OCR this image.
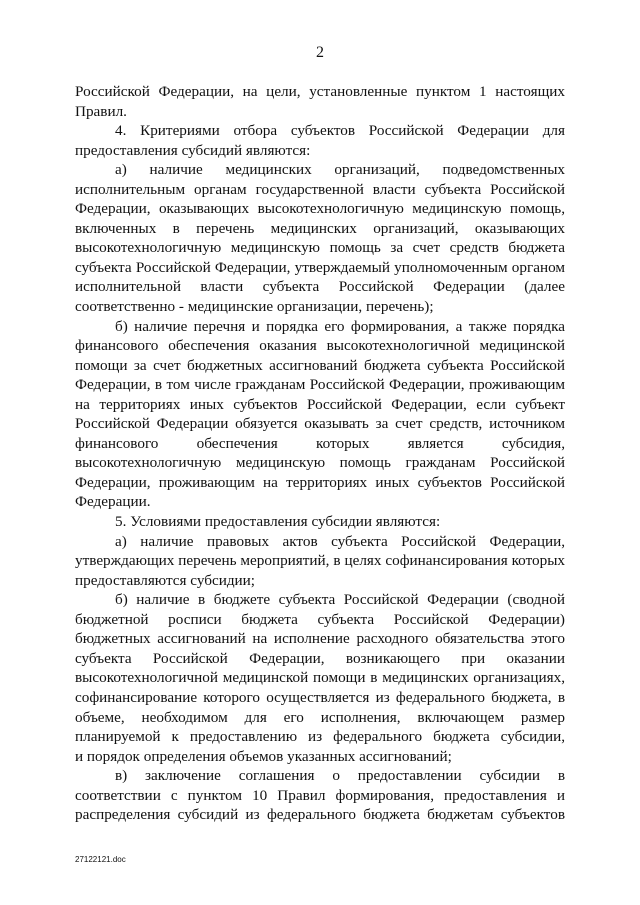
2
Российской Федерации, на цели, установленные пунктом 1 настоящих
Правил.
4. Критериями отбора субъектов Российской Федерации для
предоставления субсидий являются:
а) наличие медицинских организаций, подведомственных
исполнительным органам государственной власти субъекта Российской
Федерации, оказывающих высокотехнологичную медицинскую помощь,
включенных в перечень медицинских организаций, оказывающих
высокотехнологичную медицинскую помощь за счет средств бюджета
субъекта Российской Федерации, утверждаемый уполномоченным органом
исполнительной власти субъекта Российской Федерации (далее
соответственно - медицинские организации, перечень);
б) наличие перечня и порядка его формирования, а также порядка
финансового обеспечения оказания высокотехнологичной медицинской
помощи за счет бюджетных ассигнований бюджета субъекта Российской
Федерации, в том числе гражданам Российской Федерации, проживающим
на территориях иных субъектов Российской Федерации, если субъект
Российской Федерации обязуется оказывать за счет средств, источником
финансового обеспечения которых является субсидия,
высокотехнологичную медицинскую помощь гражданам Российской
Федерации, проживающим на территориях иных субъектов Российской
Федерации.
5. Условиями предоставления субсидии являются:
а) наличие правовых актов субъекта Российской Федерации,
утверждающих перечень мероприятий, в целях софинансирования которых
предоставляются субсидии;
б) наличие в бюджете субъекта Российской Федерации (сводной
бюджетной росписи бюджета субъекта Российской Федерации)
бюджетных ассигнований на исполнение расходного обязательства этого
субъекта Российской Федерации, возникающего при оказании
высокотехнологичной медицинской помощи в медицинских организациях,
софинансирование которого осуществляется из федерального бюджета, в
объеме, необходимом для его исполнения, включающем размер
планируемой к предоставлению из федерального бюджета субсидии,
и порядок определения объемов указанных ассигнований;
в) заключение соглашения о предоставлении субсидии в
соответствии с пунктом 10 Правил формирования, предоставления и
распределения субсидий из федерального бюджета бюджетам субъектов
27122121.doc
